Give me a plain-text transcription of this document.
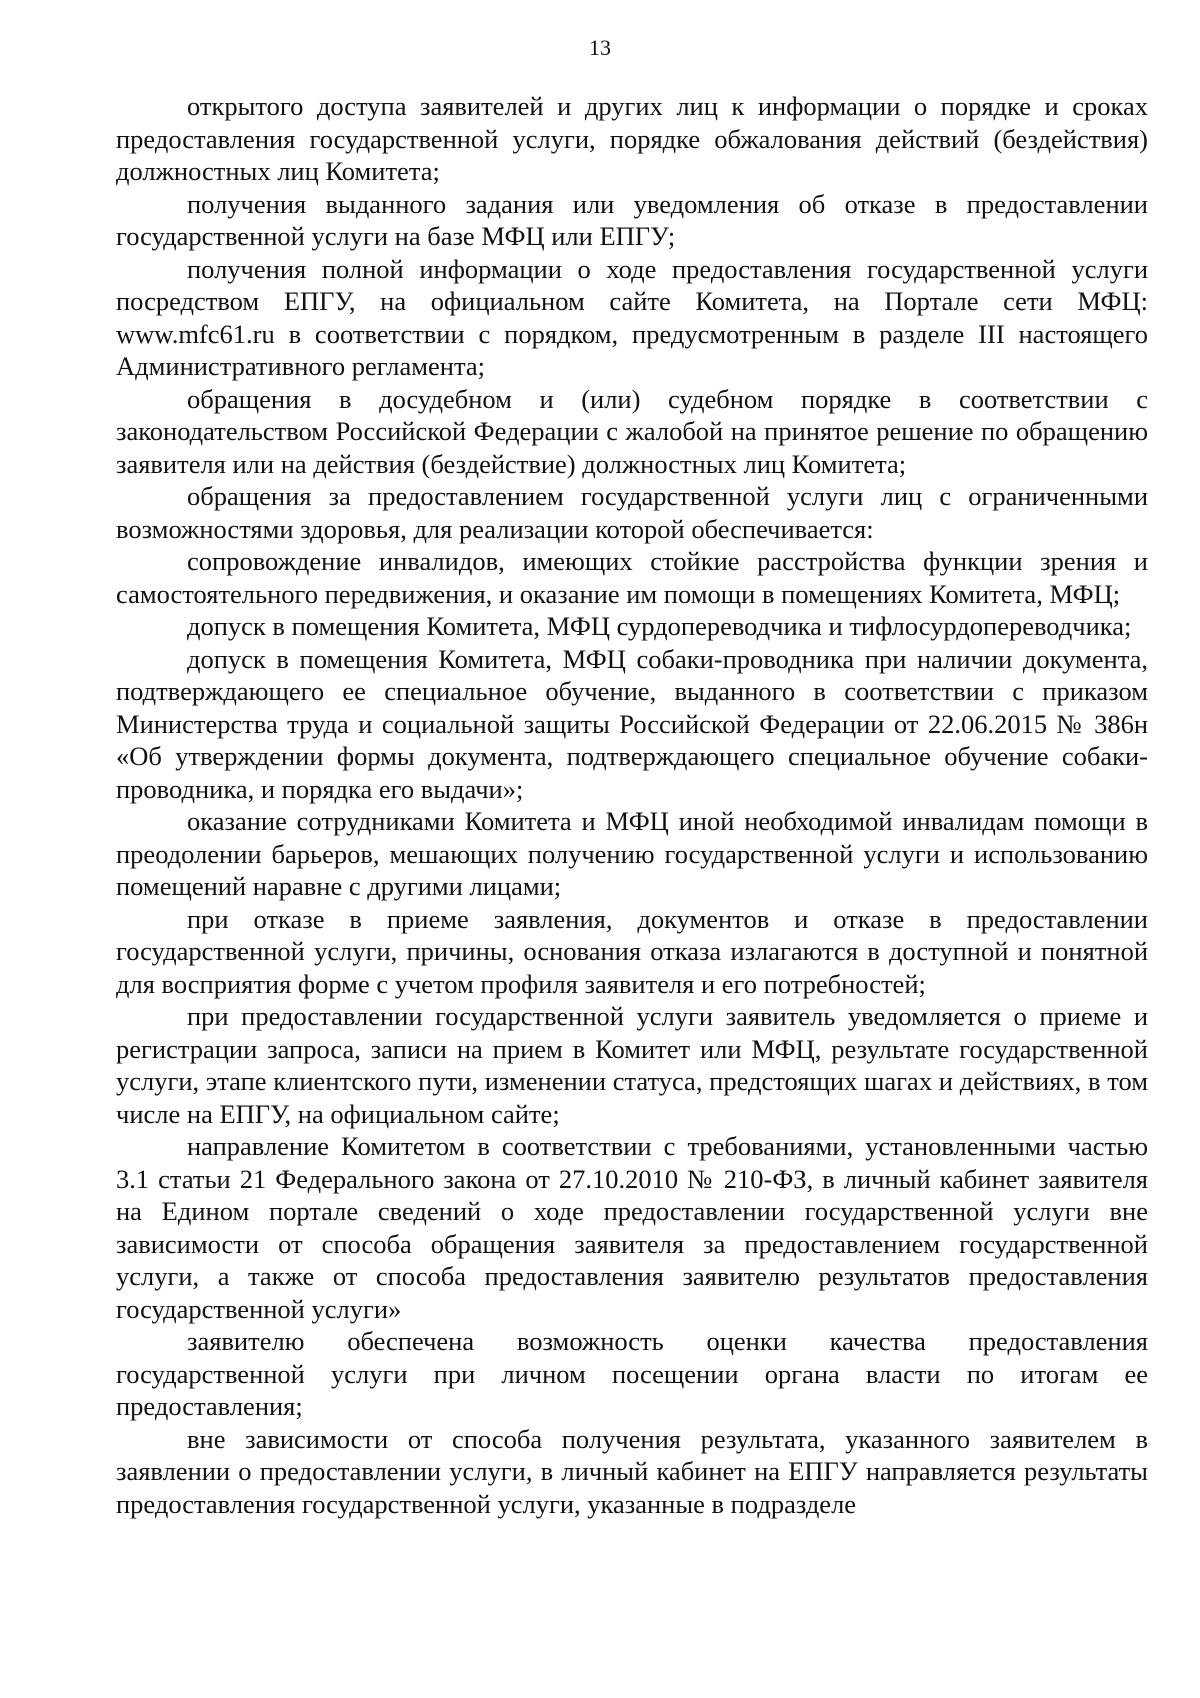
13

открытого доступа заявителей и других лиц к информации о порядке и сроках предоставления государственной услуги, порядке обжалования действий (бездействия) должностных лиц Комитета;

получения выданного задания или уведомления об отказе в предоставлении государственной услуги на базе МФЦ или ЕПГУ;

получения полной информации о ходе предоставления государственной услуги посредством ЕПГУ, на официальном сайте Комитета, на Портале сети МФЦ: www.mfc61.ru в соответствии с порядком, предусмотренным в разделе III настоящего Административного регламента;

обращения в досудебном и (или) судебном порядке в соответствии с законодательством Российской Федерации с жалобой на принятое решение по обращению заявителя или на действия (бездействие) должностных лиц Комитета;

обращения за предоставлением государственной услуги лиц с ограниченными возможностями здоровья, для реализации которой обеспечивается:

сопровождение инвалидов, имеющих стойкие расстройства функции зрения и самостоятельного передвижения, и оказание им помощи в помещениях Комитета, МФЦ;

допуск в помещения Комитета, МФЦ сурдопереводчика и тифлосурдопереводчика;

допуск в помещения Комитета, МФЦ собаки-проводника при наличии документа, подтверждающего ее специальное обучение, выданного в соответствии с приказом Министерства труда и социальной защиты Российской Федерации от 22.06.2015 № 386н «Об утверждении формы документа, подтверждающего специальное обучение собаки-проводника, и порядка его выдачи»;

оказание сотрудниками Комитета и МФЦ иной необходимой инвалидам помощи в преодолении барьеров, мешающих получению государственной услуги и использованию помещений наравне с другими лицами;

при отказе в приеме заявления, документов и отказе в предоставлении государственной услуги, причины, основания отказа излагаются в доступной и понятной для восприятия форме с учетом профиля заявителя и его потребностей;

при предоставлении государственной услуги заявитель уведомляется о приеме и регистрации запроса, записи на прием в Комитет или МФЦ, результате государственной услуги, этапе клиентского пути, изменении статуса, предстоящих шагах и действиях, в том числе на ЕПГУ, на официальном сайте;

направление Комитетом в соответствии с требованиями, установленными частью 3.1 статьи 21 Федерального закона от 27.10.2010 № 210-ФЗ, в личный кабинет заявителя на Едином портале сведений о ходе предоставлении государственной услуги вне зависимости от способа обращения заявителя за предоставлением государственной услуги, а также от способа предоставления заявителю результатов предоставления государственной услуги»

заявителю обеспечена возможность оценки качества предоставления государственной услуги при личном посещении органа власти по итогам ее предоставления;

вне зависимости от способа получения результата, указанного заявителем в заявлении о предоставлении услуги, в личный кабинет на ЕПГУ направляется результаты предоставления государственной услуги, указанные в подразделе
